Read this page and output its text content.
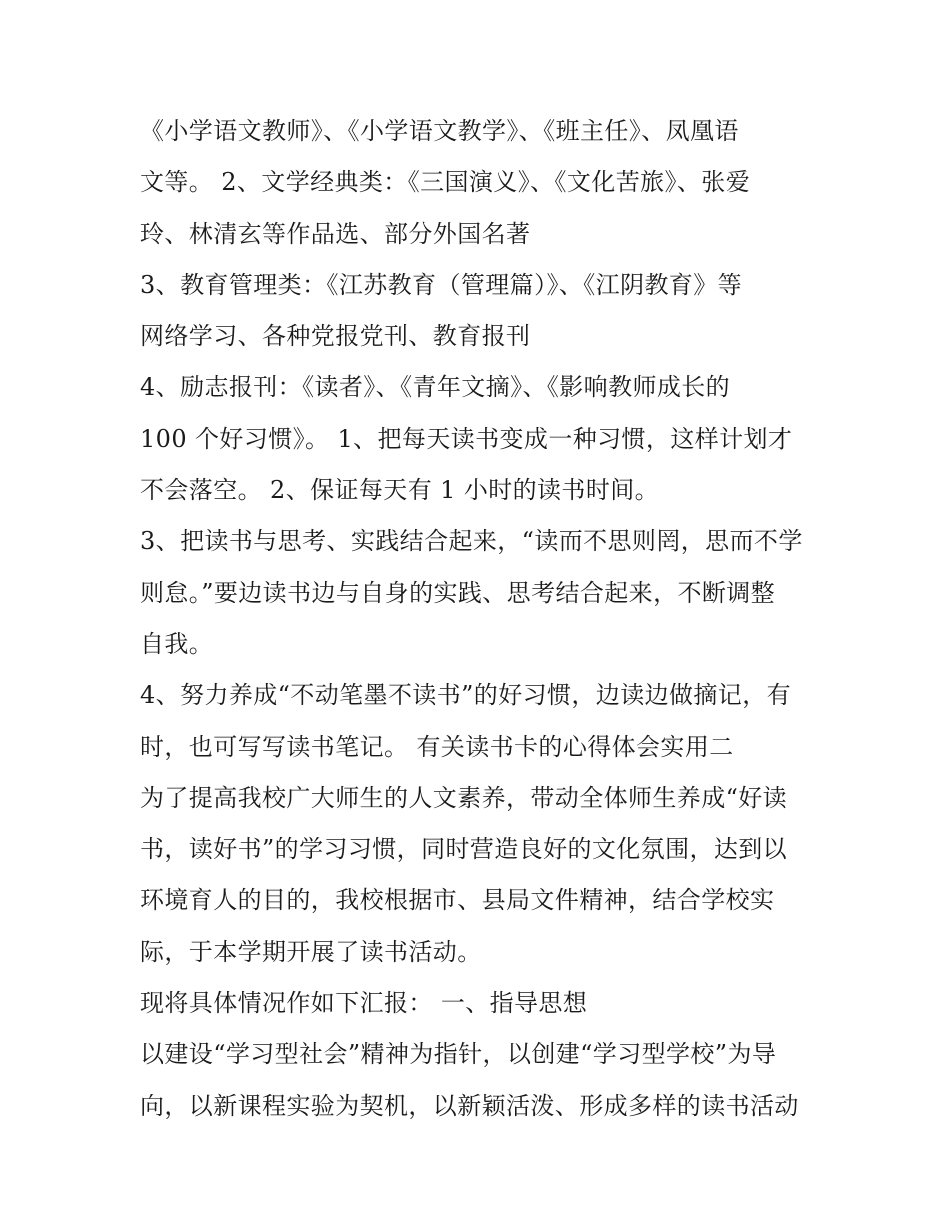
《小学语文教师》、《小学语文教学》、《班主任》、凤凰语
文等。 2、文学经典类：《三国演义》、《文化苦旅》、张爱
玲、林清玄等作品选、部分外国名著
3、教育管理类：《江苏教育（管理篇）》、《江阴教育》等
网络学习、各种党报党刊、教育报刊
4、励志报刊：《读者》、《青年文摘》、《影响教师成长的
100 个好习惯》。 1、把每天读书变成一种习惯，这样计划才
不会落空。 2、保证每天有 1 小时的读书时间。
3、把读书与思考、实践结合起来，“读而不思则罔，思而不学
则怠。”要边读书边与自身的实践、思考结合起来，不断调整
自我。
4、努力养成“不动笔墨不读书”的好习惯，边读边做摘记，有
时，也可写写读书笔记。 有关读书卡的心得体会实用二
为了提高我校广大师生的人文素养，带动全体师生养成“好读
书，读好书”的学习习惯，同时营造良好的文化氛围，达到以
环境育人的目的，我校根据市、县局文件精神，结合学校实
际，于本学期开展了读书活动。
现将具体情况作如下汇报： 一、指导思想
以建设“学习型社会”精神为指针，以创建“学习型学校”为导
向，以新课程实验为契机，以新颖活泼、形成多样的读书活动
